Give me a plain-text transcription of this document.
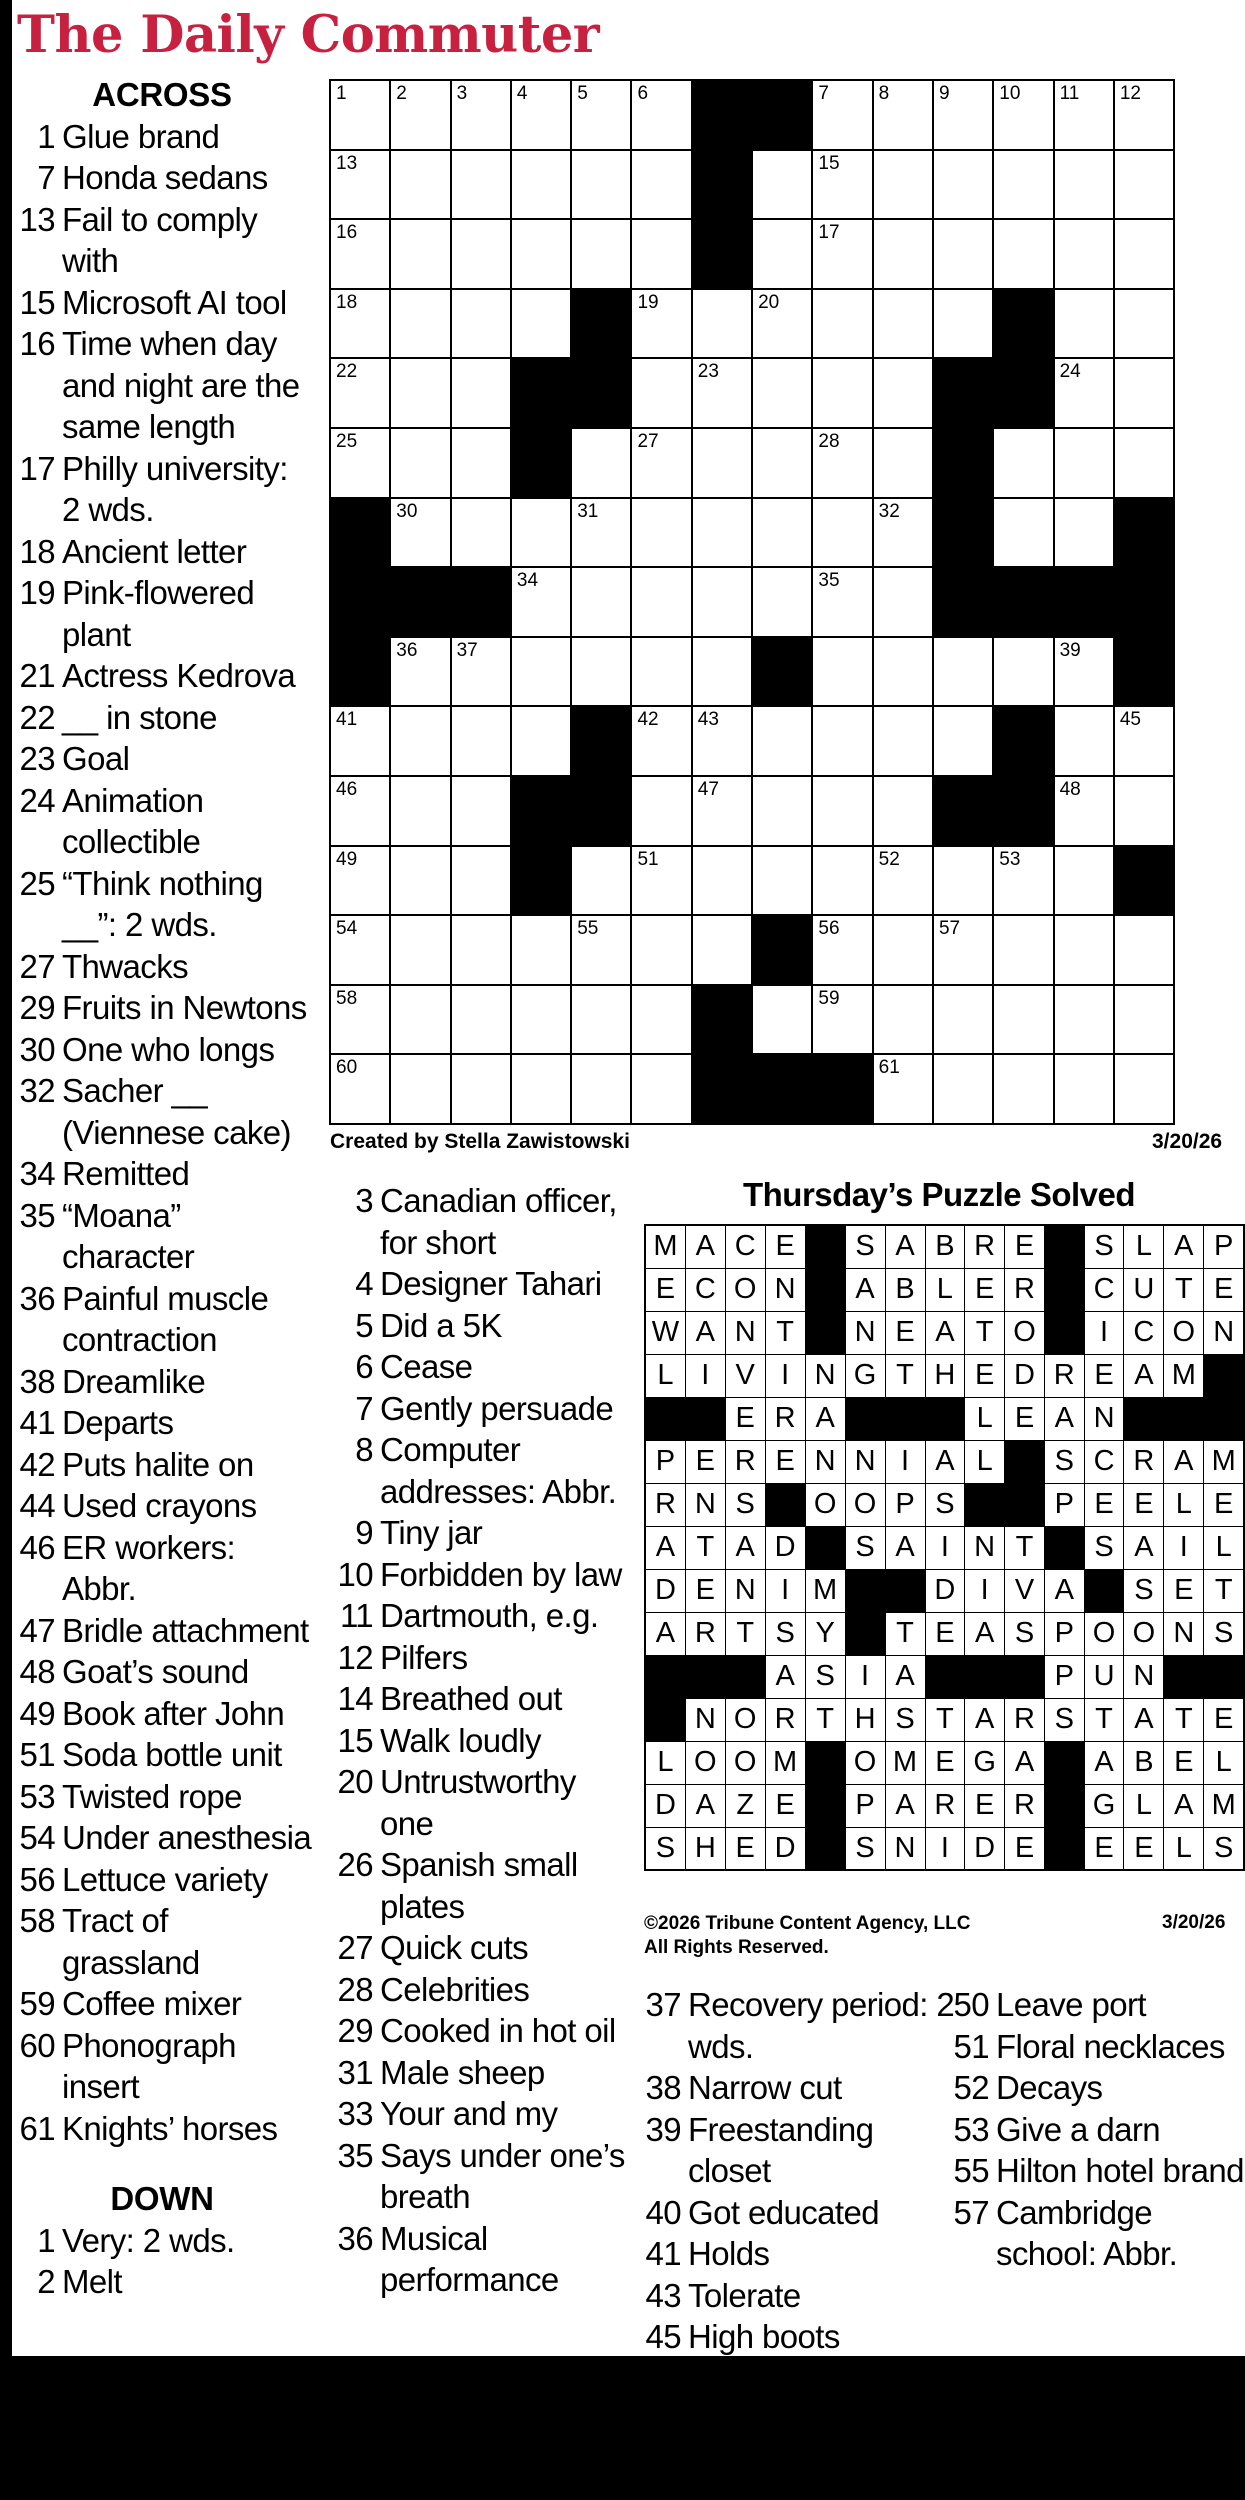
The Daily Commuter
ACROSS
1 Glue brand
7 Honda sedans
13 Fail to comply with
15 Microsoft AI tool
16 Time when day and night are the same length
17 Philly university: 2 wds.
18 Ancient letter
19 Pink-flowered plant
21 Actress Kedrova
22 __ in stone
23 Goal
24 Animation collectible
25 “Think nothing __”: 2 wds.
27 Thwacks
29 Fruits in Newtons
30 One who longs
32 Sacher __ (Viennese cake)
34 Remitted
35 “Moana” character
36 Painful muscle contraction
38 Dreamlike
41 Departs
42 Puts halite on
44 Used crayons
46 ER workers: Abbr.
47 Bridle attachment
48 Goat’s sound
49 Book after John
51 Soda bottle unit
53 Twisted rope
54 Under anesthesia
56 Lettuce variety
58 Tract of grassland
59 Coffee mixer
60 Phonograph insert
61 Knights’ horses
DOWN
1 Very: 2 wds.
2 Melt
1	2	3	4	5	6			7	8	9	10	11	12

13								15					

16								17					

18					19		20						

22						23						24	

25					27			28					

	30			31					32				

			34					35					

	36	37										39	

41					42	43							45

46						47						48	

49					51				52		53		

54				55				56		57			

58								59					

60									61				

Created by Stella Zawistowski	3/20/26
3 Canadian officer, for short
4 Designer Tahari
5 Did a 5K
6 Cease
7 Gently persuade
8 Computer addresses: Abbr.
9 Tiny jar
10 Forbidden by law
11 Dartmouth, e.g.
12 Pilfers
14 Breathed out
15 Walk loudly
20 Untrustworthy one
26 Spanish small plates
27 Quick cuts
28 Celebrities
29 Cooked in hot oil
31 Male sheep
33 Your and my
35 Says under one’s breath
36 Musical performance
Thursday’s Puzzle Solved
M	A	C	E		S	A	B	R	E		S	L	A	P
E	C	O	N		A	B	L	E	R		C	U	T	E
W	A	N	T		N	E	A	T	O		I	C	O	N
L	I	V	I	N	G	T	H	E	D	R	E	A	M	
		E	R	A				L	E	A	N			
P	E	R	E	N	N	I	A	L		S	C	R	A	M
R	N	S		O	O	P	S			P	E	E	L	E
A	T	A	D		S	A	I	N	T		S	A	I	L
D	E	N	I	M			D	I	V	A		S	E	T
A	R	T	S	Y		T	E	A	S	P	O	O	N	S
			A	S	I	A				P	U	N		
	N	O	R	T	H	S	T	A	R	S	T	A	T	E
L	O	O	M		O	M	E	G	A		A	B	E	L
D	A	Z	E		P	A	R	E	R		G	L	A	M
S	H	E	D		S	N	I	D	E		E	E	L	S
©2026 Tribune Content Agency, LLC
All Rights Reserved.
3/20/26
37 Recovery period: 2 wds.
38 Narrow cut
39 Freestanding closet
40 Got educated
41 Holds
43 Tolerate
45 High boots
50 Leave port
51 Floral necklaces
52 Decays
53 Give a darn
55 Hilton hotel brand
57 Cambridge school: Abbr.
